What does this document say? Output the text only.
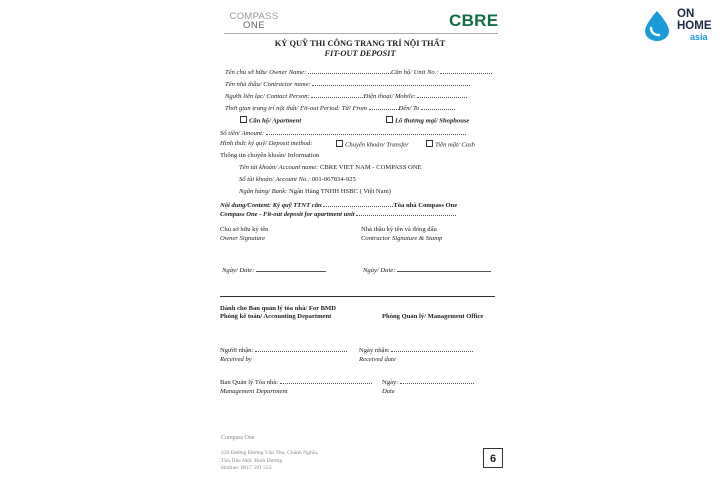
COMPASS
ONE	CBRE	ON
HOME
asia
KÝ QUỸ THI CÔNG TRANG TRÍ NỘI THẤT
FIT-OUT DEPOSIT
Tên chủ sở hữu/ Owner Name:	Căn hộ/ Unit No.:
Tên nhà thầu/ Contractor name:
Người liên lạc/ Contact Person:	Điện thoại/ Mobile:
Thời gian trang trí nội thất/ Fit-out Period: Từ/ From	Đến/ To
Căn hộ/ Apartment	Lô thương mại/ Shophouse
Số tiền/ Amount:
Hình thức ký quỹ/ Deposit method:	Chuyển khoản/ Transfer	Tiền mặt/ Cash
Thông tin chuyển khoản/ Information
Tên tài khoản/ Account name: CBRE VIET NAM - COMPASS ONE
Số tài khoản/ Account No.: 001-067834-925
Ngân hàng/ Bank: Ngân Hàng TNHH HSBC ( Việt Nam)
Nội dung/Content: Ký quỹ TTNT căn	Tòa nhà Compass One
Compass One - Fit-out deposit for apartment unit
Chủ sở hữu ký tên
Owner Signature
Nhà thầu ký tên và đóng dấu
Contractor Signature & Stamp
Ngày/ Date:	Ngày/ Date:
Dành cho Ban quản lý tòa nhà/ For BMD
Phòng kế toán/ Accounting Department	Phòng Quản lý/ Management Office
Người nhận:
Received by
Ngày nhận:
Received date
Ban Quản lý Tòa nhà:
Management Department
Ngày:
Date
Compass One
239 Đường Đường Văn Thu, Chánh Nghĩa,
Thủ Dầu Một, Bình Dương
Hotline: 0917 591 553
6
